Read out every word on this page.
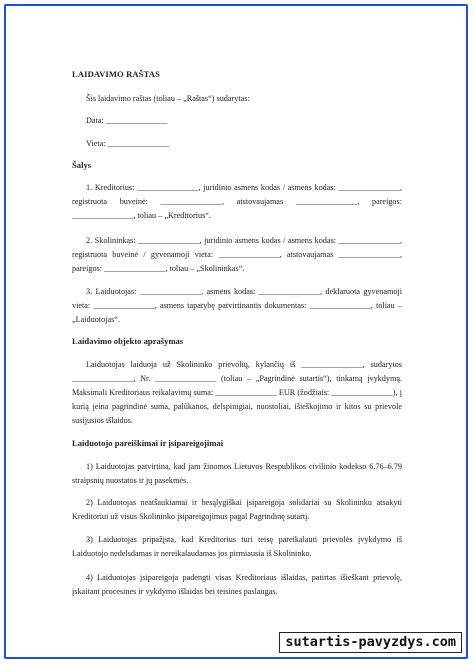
LAIDAVIMO RAŠTAS
Šis laidavimo raštas (toliau – „Raštas“) sudarytas:
Data: _______________
Vieta: _______________
Šalys
1. Kreditorius: _______________, juridinio asmens kodas / asmens kodas: _______________, registruota buveinė: _______________, atstovaujamas _______________, pareigos: _______________, toliau – „Kreditorius“.
2. Skolininkas: _______________, juridinio asmens kodas / asmens kodas: _______________, registruota buveinė / gyvenamoji vieta: _______________, atstovaujamas _______________, pareigos: _______________, toliau – „Skolininkas“.
3. Laiduotojas: _______________, asmens kodas: _______________, deklaruota gyvenamoji vieta: _______________, asmens tapatybę patvirtinantis dokumentas: _______________, toliau – „Laiduotojas“.
Laidavimo objekto aprašymas
Laiduotojas laiduoja už Skolininko prievolių, kylančių iš _______________, sudarytos _______________, Nr. _______________ (toliau – „Pagrindinė sutartis“), tinkamą įvykdymą. Maksimali Kreditoriaus reikalavimų suma: _______________ EUR (žodžiais: _______________), į kurią įeina pagrindinė suma, palūkanos, delspinigiai, nuostoliai, išieškojimo ir kitos su prievole susijusios išlaidos.
Laiduotojo pareiškimai ir įsipareigojimai
1) Laiduotojas patvirtina, kad jam žinomos Lietuvos Respublikos civilinio kodekso 6.76–6.79 straipsnių nuostatos ir jų pasekmės.
2) Laiduotojas neatšaukiamai ir besąlygiškai įsipareigoja solidariai su Skolininku atsakyti Kreditoriui už visus Skolininko įsipareigojimus pagal Pagrindinę sutartį.
3) Laiduotojas pripažįsta, kad Kreditorius turi teisę pareikalauti prievolės įvykdymo iš Laiduotojo nedelsdamas ir nereikalaudamas jos pirmiausia iš Skolininko.
4) Laiduotojas įsipareigoja padengti visas Kreditoriaus išlaidas, patirtas išieškant prievolę, įskaitant procesines ir vykdymo išlaidas bei teisines paslaugas.
sutartis-pavyzdys.com
